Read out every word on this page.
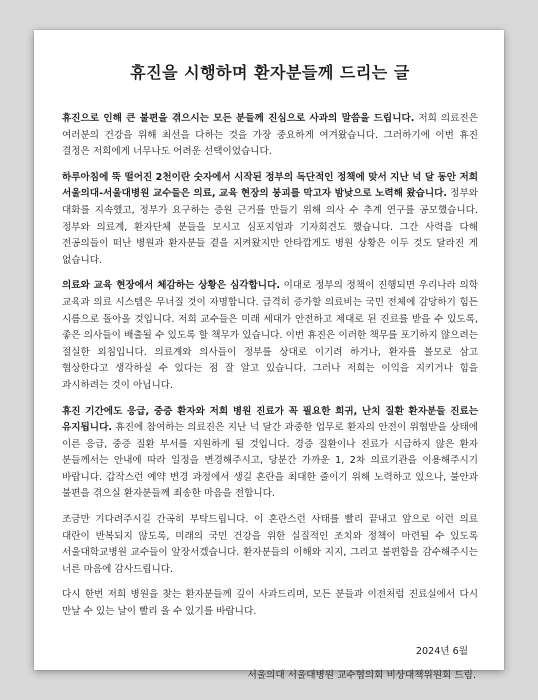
휴진을 시행하며 환자분들께 드리는 글

휴진으로 인해 큰 불편을 겪으시는 모든 분들께 진심으로 사과의 말씀을 드립니다. 저희 의료진은 여러분의 건강을 위해 최선을 다하는 것을 가장 중요하게 여겨왔습니다. 그러하기에 이번 휴진 결정은 저희에게 너무나도 어려운 선택이었습니다.

하루아침에 뚝 떨어진 2천이란 숫자에서 시작된 정부의 독단적인 정책에 맞서 지난 넉 달 동안 저희 서울의대-서울대병원 교수들은 의료, 교육 현장의 붕괴를 막고자 밤낮으로 노력해 왔습니다. 정부와 대화를 지속했고, 정부가 요구하는 증원 근거를 만들기 위해 의사 수 추계 연구를 공모했습니다. 정부와 의료계, 환자단체 분들을 모시고 심포지엄과 기자회견도 했습니다. 그간 사력을 다해 전공의들이 떠난 병원과 환자분들 곁을 지켜왔지만 안타깝게도 병원 상황은 이두 것도 달라진 게 없습니다.

의료와 교육 현장에서 체감하는 상황은 심각합니다. 이대로 정부의 정책이 진행되면 우리나라 의학 교육과 의료 시스템은 무너질 것이 자명합니다. 급격히 증가할 의료비는 국민 전체에 감당하기 힘든 시름으로 돌아올 것입니다. 저희 교수들은 미래 세대가 안전하고 제대로 된 진료를 받을 수 있도록, 좋은 의사들이 배출될 수 있도록 할 책무가 있습니다. 이번 휴진은 이러한 책무를 포기하지 않으려는 절실한 외침입니다. 의료계와 의사들이 정부를 상대로 이기려 하거나, 환자를 볼모로 삼고 협상한다고 생각하실 수 있다는 점 잘 알고 있습니다. 그러나 저희는 이익을 지키거나 힘을 과시하려는 것이 아닙니다.

휴진 기간에도 응급, 중증 환자와 저희 병원 진료가 꼭 필요한 희귀, 난치 질환 환자분들 진료는 유지됩니다. 휴진에 참여하는 의료진은 지난 넉 달간 과중한 업무로 환자의 안전이 위협받을 상태에 이른 응급, 중증 질환 부서를 지원하게 될 것입니다. 경증 질환이나 진료가 시급하지 않은 환자 분들께서는 안내에 따라 일정을 변경해주시고, 당분간 가까운 1, 2차 의료기관을 이용해주시기 바랍니다. 갑작스런 예약 변경 과정에서 생길 혼란을 최대한 줄이기 위해 노력하고 있으나, 불안과 불편을 겪으실 환자분들께 죄송한 마음을 전합니다.

조금만 기다려주시길 간곡히 부탁드립니다. 이 혼란스런 사태를 빨리 끝내고 앞으로 이런 의료 대란이 반복되지 않도록, 미래의 국민 건강을 위한 실질적인 조치와 정책이 마련될 수 있도록 서울대학교병원 교수들이 앞장서겠습니다. 환자분들의 이해와 지지, 그리고 불편함을 감수해주시는 너른 마음에 감사드립니다.

다시 한번 저희 병원을 찾는 환자분들께 깊이 사과드리며, 모든 분들과 이전처럼 진료실에서 다시 만날 수 있는 날이 빨리 올 수 있기를 바랍니다.

2024년 6월
서울의대 서울대병원 교수협의회 비상대책위원회 드림.
